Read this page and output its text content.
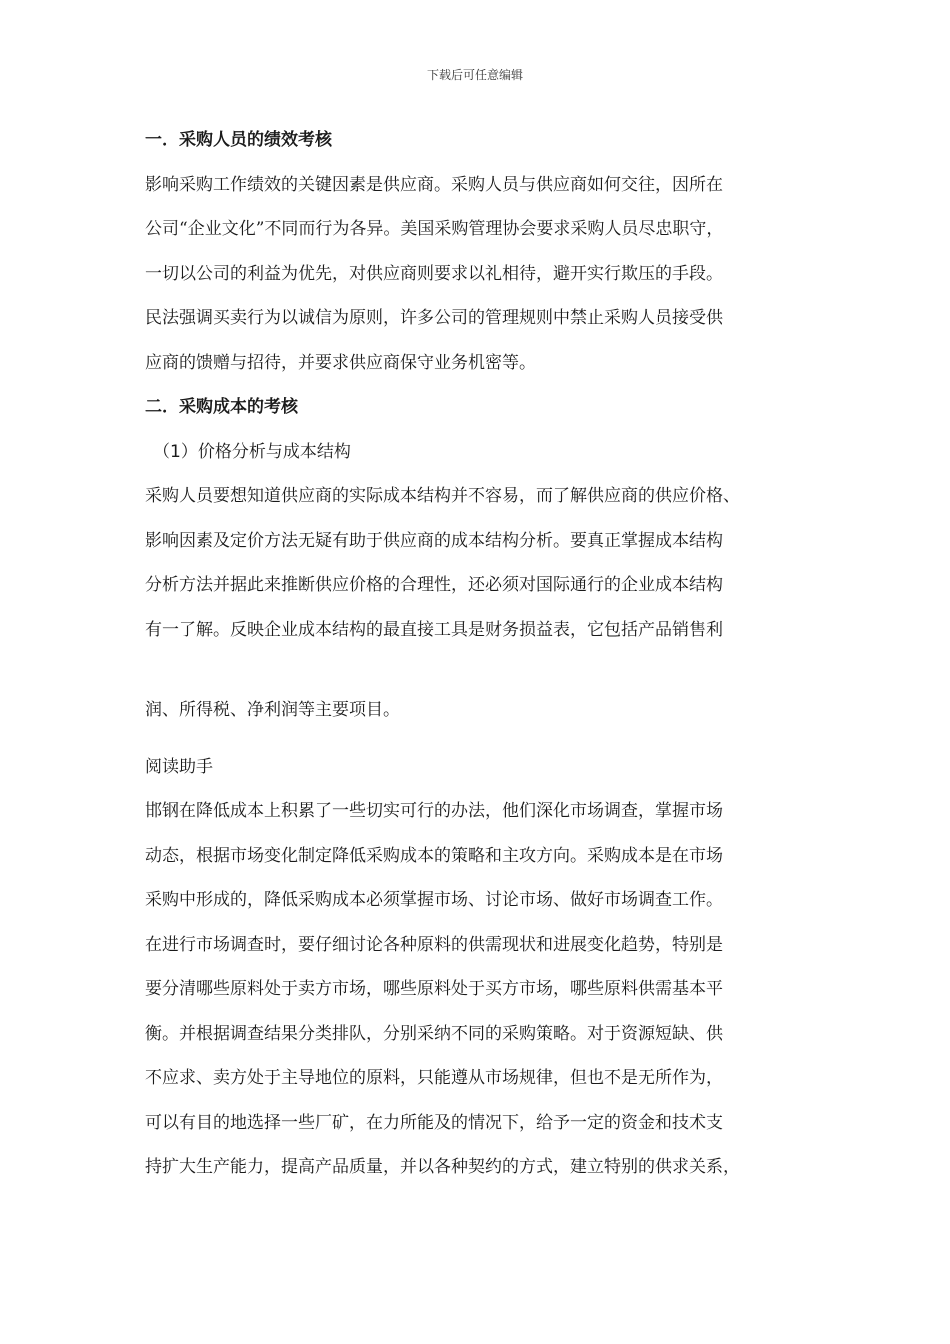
下载后可任意编辑
一．采购人员的绩效考核
影响采购工作绩效的关键因素是供应商。采购人员与供应商如何交往，因所在
公司“企业文化”不同而行为各异。美国采购管理协会要求采购人员尽忠职守，
一切以公司的利益为优先，对供应商则要求以礼相待，避开实行欺压的手段。
民法强调买卖行为以诚信为原则，许多公司的管理规则中禁止采购人员接受供
应商的馈赠与招待，并要求供应商保守业务机密等。
二．采购成本的考核
（1）价格分析与成本结构
采购人员要想知道供应商的实际成本结构并不容易，而了解供应商的供应价格、
影响因素及定价方法无疑有助于供应商的成本结构分析。要真正掌握成本结构
分析方法并据此来推断供应价格的合理性，还必须对国际通行的企业成本结构
有一了解。反映企业成本结构的最直接工具是财务损益表，它包括产品销售利
润、所得税、净利润等主要项目。
阅读助手
邯钢在降低成本上积累了一些切实可行的办法，他们深化市场调查，掌握市场
动态，根据市场变化制定降低采购成本的策略和主攻方向。采购成本是在市场
采购中形成的，降低采购成本必须掌握市场、讨论市场、做好市场调查工作。
在进行市场调查时，要仔细讨论各种原料的供需现状和进展变化趋势，特别是
要分清哪些原料处于卖方市场，哪些原料处于买方市场，哪些原料供需基本平
衡。并根据调查结果分类排队，分别采纳不同的采购策略。对于资源短缺、供
不应求、卖方处于主导地位的原料，只能遵从市场规律，但也不是无所作为，
可以有目的地选择一些厂矿，在力所能及的情况下，给予一定的资金和技术支
持扩大生产能力，提高产品质量，并以各种契约的方式，建立特别的供求关系，
